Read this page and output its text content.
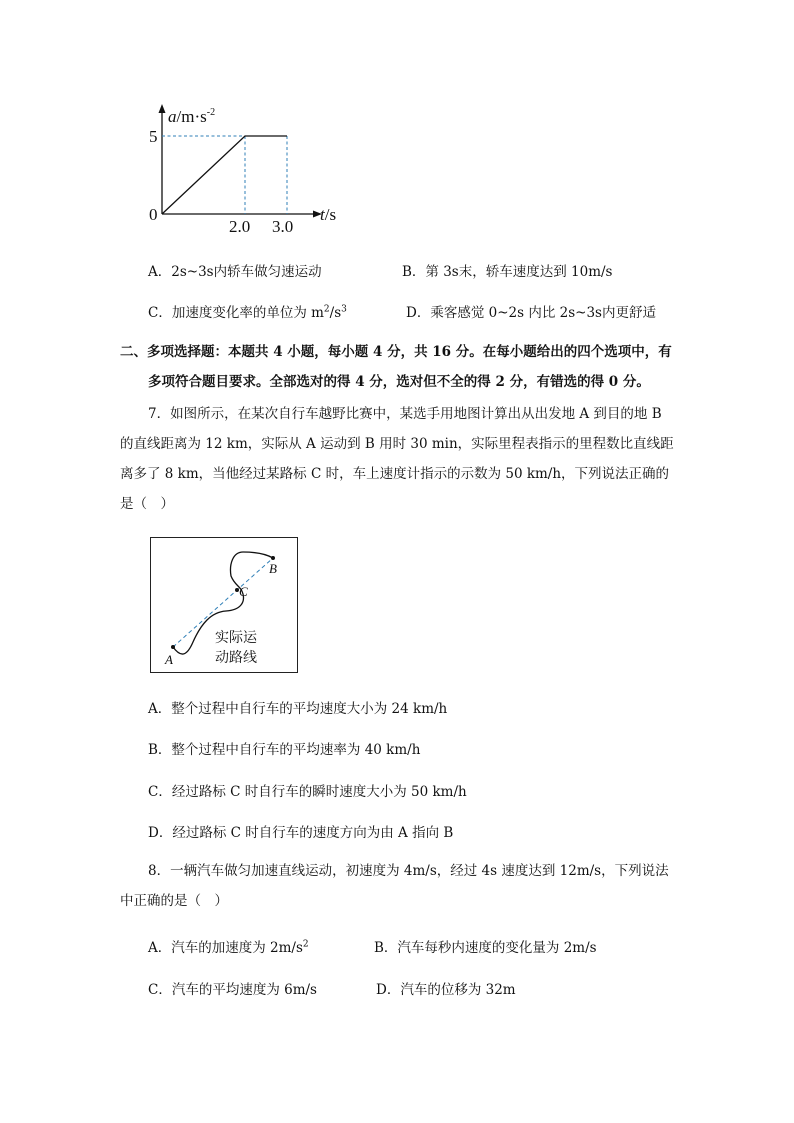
$a/m\cdot s^{-2}$
5
0
2.0 3.0
t/s
A．2s~3s内轿车做匀速运动	B．第 3s末，轿车速度达到 10m/s
C．加速度变化率的单位为 $m^2/s^3$	D．乘客感觉 0~2s 内比 2s~3s内更舒适
二、多项选择题：本题共 4 小题，每小题 4 分，共 16 分。在每小题给出的四个选项中，有多项符合题目要求。全部选对的得 4 分，选对但不全的得 2 分，有错选的得 0 分。
7．如图所示，在某次自行车越野比赛中，某选手用地图计算出从出发地 A 到目的地 B 的直线距离为 12 km，实际从 A 运动到 B 用时 30 min，实际里程表指示的里程数比直线距离多了 8 km，当他经过某路标 C 时，车上速度计指示的示数为 50 km/h，下列说法正确的是（　）
A
B
C
实际运
动路线
A．整个过程中自行车的平均速度大小为 24 km/h
B．整个过程中自行车的平均速率为 40 km/h
C．经过路标 C 时自行车的瞬时速度大小为 50 km/h
D．经过路标 C 时自行车的速度方向为由 A 指向 B
8．一辆汽车做匀加速直线运动，初速度为 4m/s，经过 4s 速度达到 12m/s，下列说法中正确的是（　）
A．汽车的加速度为 $2m/s^2$	B．汽车每秒内速度的变化量为 2m/s
C．汽车的平均速度为 6m/s	D．汽车的位移为 32m
